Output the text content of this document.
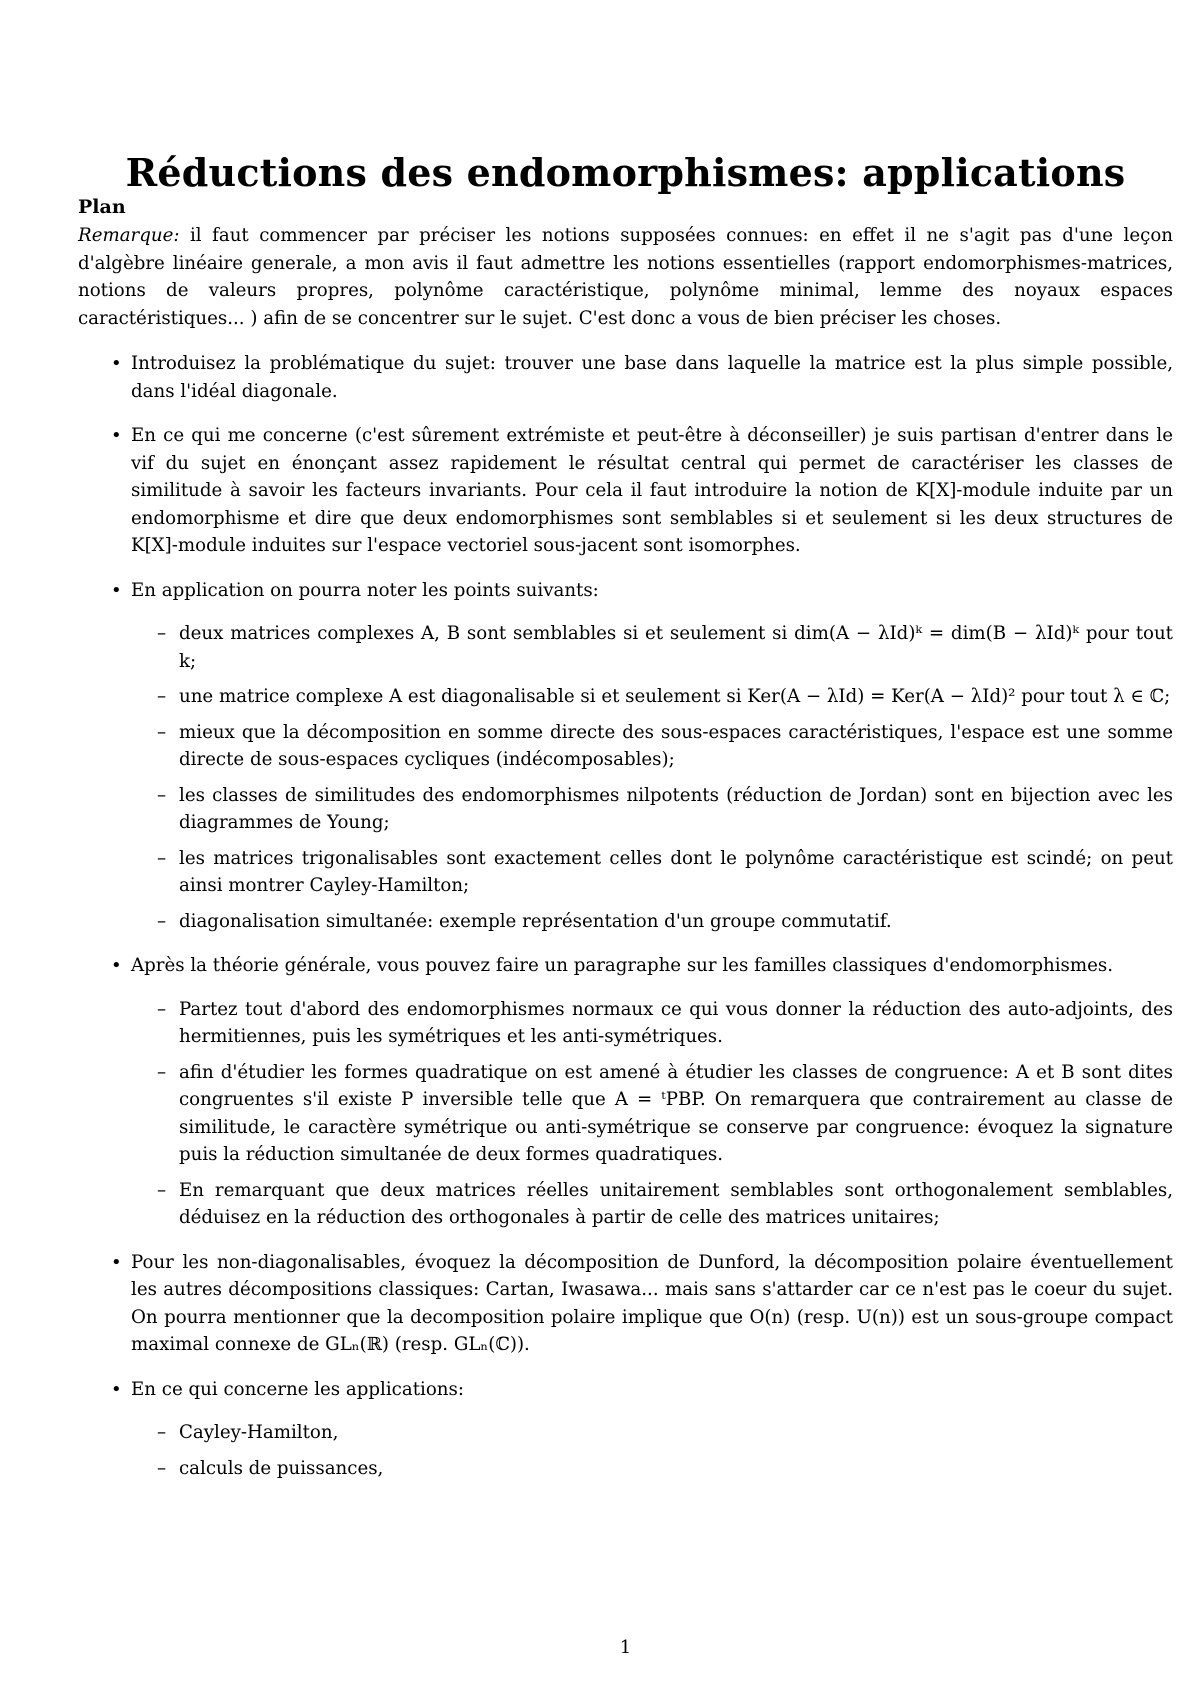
Réductions des endomorphismes: applications
Plan

Remarque: il faut commencer par préciser les notions supposées connues: en effet il ne s'agit pas d'une leçon d'algèbre linéaire generale, a mon avis il faut admettre les notions essentielles (rapport endomorphismes-matrices, notions de valeurs propres, polynôme caractéristique, polynôme minimal, lemme des noyaux espaces caractéristiques... ) afin de se concentrer sur le sujet. C'est donc a vous de bien préciser les choses.

• Introduisez la problématique du sujet: trouver une base dans laquelle la matrice est la plus simple possible, dans l'idéal diagonale.
• En ce qui me concerne (c'est sûrement extrémiste et peut-être à déconseiller) je suis partisan d'entrer dans le vif du sujet en énonçant assez rapidement le résultat central qui permet de caractériser les classes de similitude à savoir les facteurs invariants. Pour cela il faut introduire la notion de K[X]-module induite par un endomorphisme et dire que deux endomorphismes sont semblables si et seulement si les deux structures de K[X]-module induites sur l'espace vectoriel sous-jacent sont isomorphes.
• En application on pourra noter les points suivants:
– deux matrices complexes A, B sont semblables si et seulement si dim(A − λId)ᵏ = dim(B − λId)ᵏ pour tout k;
– une matrice complexe A est diagonalisable si et seulement si Ker(A − λId) = Ker(A − λId)² pour tout λ ∈ ℂ;
– mieux que la décomposition en somme directe des sous-espaces caractéristiques, l'espace est une somme directe de sous-espaces cycliques (indécomposables);
– les classes de similitudes des endomorphismes nilpotents (réduction de Jordan) sont en bijection avec les diagrammes de Young;
– les matrices trigonalisables sont exactement celles dont le polynôme caractéristique est scindé; on peut ainsi montrer Cayley-Hamilton;
– diagonalisation simultanée: exemple représentation d'un groupe commutatif.
• Après la théorie générale, vous pouvez faire un paragraphe sur les familles classiques d'endomorphismes.
– Partez tout d'abord des endomorphismes normaux ce qui vous donner la réduction des auto-adjoints, des hermitiennes, puis les symétriques et les anti-symétriques.
– afin d'étudier les formes quadratique on est amené à étudier les classes de congruence: A et B sont dites congruentes s'il existe P inversible telle que A = ᵗPBP. On remarquera que contrairement au classe de similitude, le caractère symétrique ou anti-symétrique se conserve par congruence: évoquez la signature puis la réduction simultanée de deux formes quadratiques.
– En remarquant que deux matrices réelles unitairement semblables sont orthogonalement semblables, déduisez en la réduction des orthogonales à partir de celle des matrices unitaires;
• Pour les non-diagonalisables, évoquez la décomposition de Dunford, la décomposition polaire éventuellement les autres décompositions classiques: Cartan, Iwasawa... mais sans s'attarder car ce n'est pas le coeur du sujet. On pourra mentionner que la decomposition polaire implique que O(n) (resp. U(n)) est un sous-groupe compact maximal connexe de GLₙ(ℝ) (resp. GLₙ(ℂ)).
• En ce qui concerne les applications:
– Cayley-Hamilton,
– calculs de puissances,
1
